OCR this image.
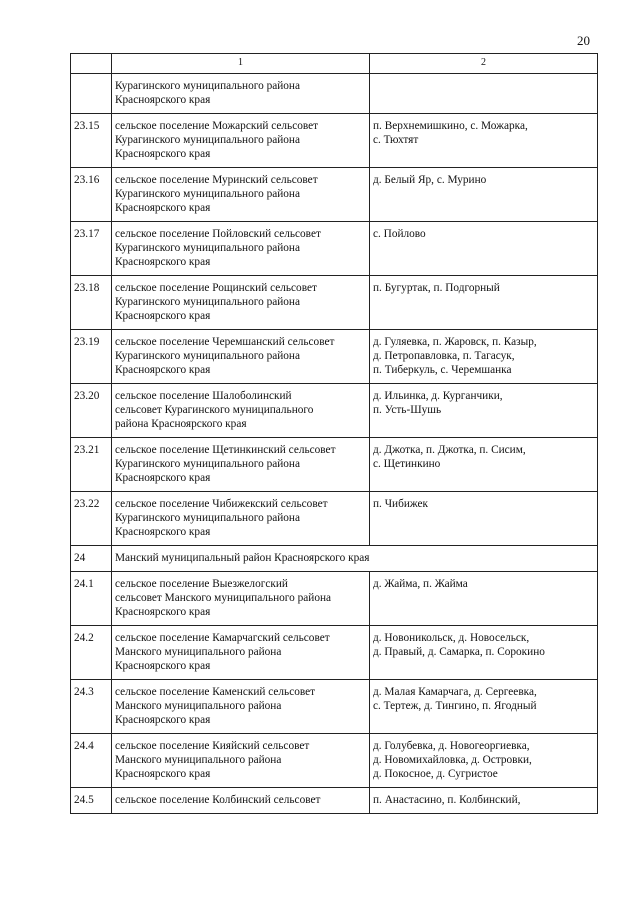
20
	1	2

	Курагинского муниципального района
Красноярского края	

23.15	сельское поселение Можарский сельсовет
Курагинского муниципального района
Красноярского края	п. Верхнемишкино, с. Можарка,
с. Тюхтят

23.16	сельское поселение Муринский сельсовет
Курагинского муниципального района
Красноярского края	д. Белый Яр, с. Мурино

23.17	сельское поселение Пойловский сельсовет
Курагинского муниципального района
Красноярского края	с. Пойлово

23.18	сельское поселение Рощинский сельсовет
Курагинского муниципального района
Красноярского края	п. Бугуртак, п. Подгорный

23.19	сельское поселение Черемшанский сельсовет
Курагинского муниципального района
Красноярского края	д. Гуляевка, п. Жаровск, п. Казыр,
д. Петропавловка, п. Тагасук,
п. Тиберкуль, с. Черемшанка

23.20	сельское поселение Шалоболинский
сельсовет Курагинского муниципального
района Красноярского края	д. Ильинка, д. Курганчики,
п. Усть-Шушь

23.21	сельское поселение Щетинкинский сельсовет
Курагинского муниципального района
Красноярского края	д. Джотка, п. Джотка, п. Сисим,
с. Щетинкино

23.22	сельское поселение Чибижекский сельсовет
Курагинского муниципального района
Красноярского края	п. Чибижек

24	Манский муниципальный район Красноярского края	

24.1	сельское поселение Выезжелогский
сельсовет Манского муниципального района
Красноярского края	д. Жайма, п. Жайма

24.2	сельское поселение Камарчагский сельсовет
Манского муниципального района
Красноярского края	д. Новоникольск, д. Новосельск,
д. Правый, д. Самарка, п. Сорокино

24.3	сельское поселение Каменский сельсовет
Манского муниципального района
Красноярского края	д. Малая Камарчага, д. Сергеевка,
с. Тертеж, д. Тингино, п. Ягодный

24.4	сельское поселение Кияйский сельсовет
Манского муниципального района
Красноярского края	д. Голубевка, д. Новогеоргиевка,
д. Новомихайловка, д. Островки,
д. Покосное, д. Сугристое

24.5	сельское поселение Колбинский сельсовет	п. Анастасино, п. Колбинский,
